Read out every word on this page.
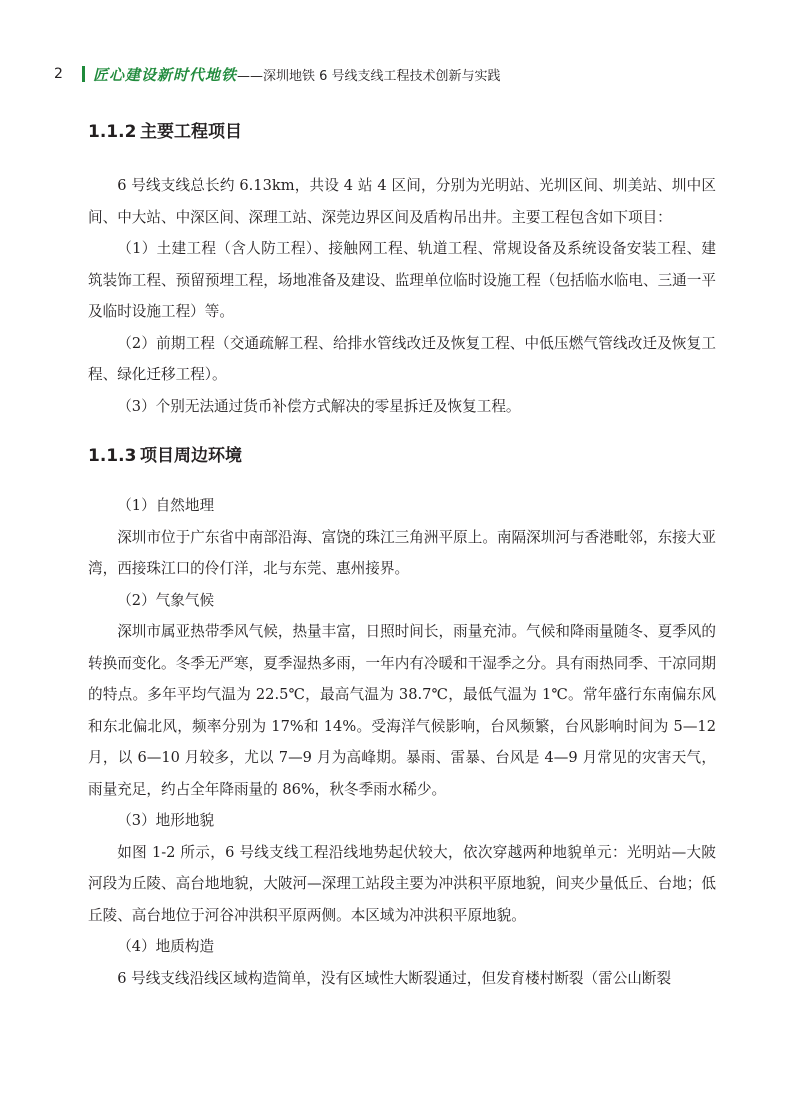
2	匠心建设新时代地铁 ——深圳地铁 6 号线支线工程技术创新与实践
1.1.2 主要工程项目

6 号线支线总长约 6.13km，共设 4 站 4 区间，分别为光明站、光圳区间、圳美站、圳中区间、中大站、中深区间、深理工站、深莞边界区间及盾构吊出井。主要工程包含如下项目：

（1）土建工程（含人防工程）、接触网工程、轨道工程、常规设备及系统设备安装工程、建筑装饰工程、预留预埋工程，场地准备及建设、监理单位临时设施工程（包括临水临电、三通一平及临时设施工程）等。

（2）前期工程（交通疏解工程、给排水管线改迁及恢复工程、中低压燃气管线改迁及恢复工程、绿化迁移工程）。

（3）个别无法通过货币补偿方式解决的零星拆迁及恢复工程。

1.1.3 项目周边环境

（1）自然地理

深圳市位于广东省中南部沿海、富饶的珠江三角洲平原上。南隔深圳河与香港毗邻，东接大亚湾，西接珠江口的伶仃洋，北与东莞、惠州接界。

（2）气象气候

深圳市属亚热带季风气候，热量丰富，日照时间长，雨量充沛。气候和降雨量随冬、夏季风的转换而变化。冬季无严寒，夏季湿热多雨，一年内有冷暖和干湿季之分。具有雨热同季、干凉同期的特点。多年平均气温为 22.5℃，最高气温为 38.7℃，最低气温为 1℃。常年盛行东南偏东风和东北偏北风，频率分别为 17%和 14%。受海洋气候影响，台风频繁，台风影响时间为 5—12 月，以 6—10 月较多，尤以 7—9 月为高峰期。暴雨、雷暴、台风是 4—9 月常见的灾害天气，雨量充足，约占全年降雨量的 86%，秋冬季雨水稀少。

（3）地形地貌

如图 1-2 所示，6 号线支线工程沿线地势起伏较大，依次穿越两种地貌单元：光明站—大陂河段为丘陵、高台地地貌，大陂河—深理工站段主要为冲洪积平原地貌，间夹少量低丘、台地；低丘陵、高台地位于河谷冲洪积平原两侧。本区域为冲洪积平原地貌。

（4）地质构造

6 号线支线沿线区域构造简单，没有区域性大断裂通过，但发育楼村断裂（雷公山断裂
